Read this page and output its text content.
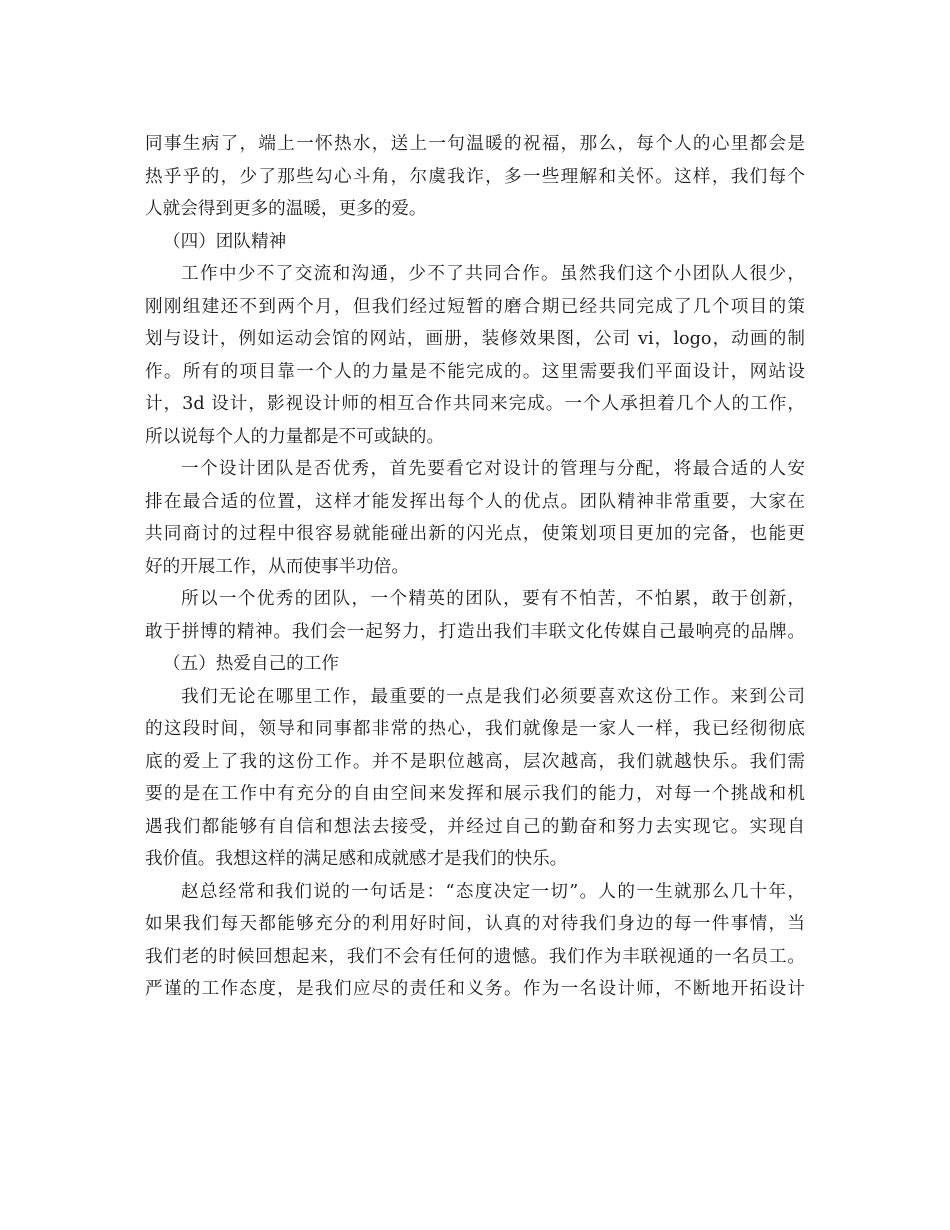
同事生病了，端上一怀热水，送上一句温暖的祝福，那么，每个人的心里都会是
热乎乎的，少了那些勾心斗角，尔虞我诈，多一些理解和关怀。这样，我们每个
人就会得到更多的温暖，更多的爱。
（四）团队精神
工作中少不了交流和沟通，少不了共同合作。虽然我们这个小团队人很少，
刚刚组建还不到两个月，但我们经过短暂的磨合期已经共同完成了几个项目的策
划与设计，例如运动会馆的网站，画册，装修效果图，公司 vi，logo，动画的制
作。所有的项目靠一个人的力量是不能完成的。这里需要我们平面设计，网站设
计，3d 设计，影视设计师的相互合作共同来完成。一个人承担着几个人的工作，
所以说每个人的力量都是不可或缺的。
一个设计团队是否优秀，首先要看它对设计的管理与分配，将最合适的人安
排在最合适的位置，这样才能发挥出每个人的优点。团队精神非常重要，大家在
共同商讨的过程中很容易就能碰出新的闪光点，使策划项目更加的完备，也能更
好的开展工作，从而使事半功倍。
所以一个优秀的团队，一个精英的团队，要有不怕苦，不怕累，敢于创新，
敢于拼博的精神。我们会一起努力，打造出我们丰联文化传媒自己最响亮的品牌。
（五）热爱自己的工作
我们无论在哪里工作，最重要的一点是我们必须要喜欢这份工作。来到公司
的这段时间，领导和同事都非常的热心，我们就像是一家人一样，我已经彻彻底
底的爱上了我的这份工作。并不是职位越高，层次越高，我们就越快乐。我们需
要的是在工作中有充分的自由空间来发挥和展示我们的能力，对每一个挑战和机
遇我们都能够有自信和想法去接受，并经过自己的勤奋和努力去实现它。实现自
我价值。我想这样的满足感和成就感才是我们的快乐。
赵总经常和我们说的一句话是：“态度决定一切”。人的一生就那么几十年，
如果我们每天都能够充分的利用好时间，认真的对待我们身边的每一件事情，当
我们老的时候回想起来，我们不会有任何的遗憾。我们作为丰联视通的一名员工。
严谨的工作态度，是我们应尽的责任和义务。作为一名设计师，不断地开拓设计
